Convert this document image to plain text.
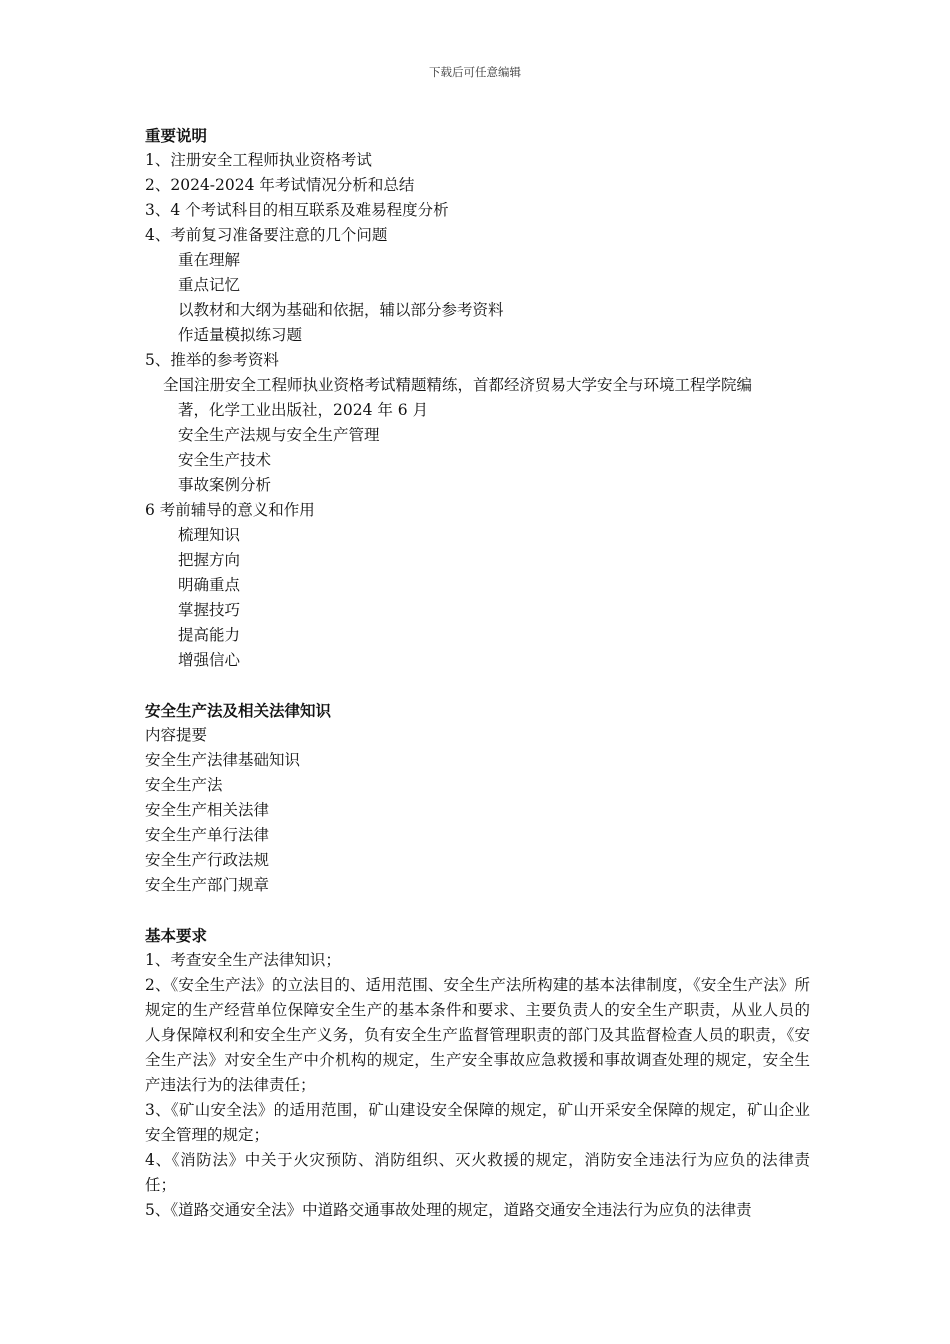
下载后可任意编辑
重要说明
1、注册安全工程师执业资格考试
2、2024-2024 年考试情况分析和总结
3、4 个考试科目的相互联系及难易程度分析
4、考前复习准备要注意的几个问题
重在理解
重点记忆
以教材和大纲为基础和依据，辅以部分参考资料
作适量模拟练习题
5、推举的参考资料
全国注册安全工程师执业资格考试精题精练，首都经济贸易大学安全与环境工程学院编
著，化学工业出版社，2024 年 6 月
安全生产法规与安全生产管理
安全生产技术
事故案例分析
6 考前辅导的意义和作用
梳理知识
把握方向
明确重点
掌握技巧
提高能力
增强信心
安全生产法及相关法律知识
内容提要
安全生产法律基础知识
安全生产法
安全生产相关法律
安全生产单行法律
安全生产行政法规
安全生产部门规章
基本要求
1、考查安全生产法律知识；
2、《安全生产法》的立法目的、适用范围、安全生产法所构建的基本法律制度，《安全生产法》所规定的生产经营单位保障安全生产的基本条件和要求、主要负责人的安全生产职责，从业人员的人身保障权利和安全生产义务，负有安全生产监督管理职责的部门及其监督检查人员的职责，《安全生产法》对安全生产中介机构的规定，生产安全事故应急救援和事故调查处理的规定，安全生产违法行为的法律责任；
3、《矿山安全法》的适用范围，矿山建设安全保障的规定，矿山开采安全保障的规定，矿山企业安全管理的规定；
4、《消防法》中关于火灾预防、消防组织、灭火救援的规定，消防安全违法行为应负的法律责任；
5、《道路交通安全法》中道路交通事故处理的规定，道路交通安全违法行为应负的法律责
